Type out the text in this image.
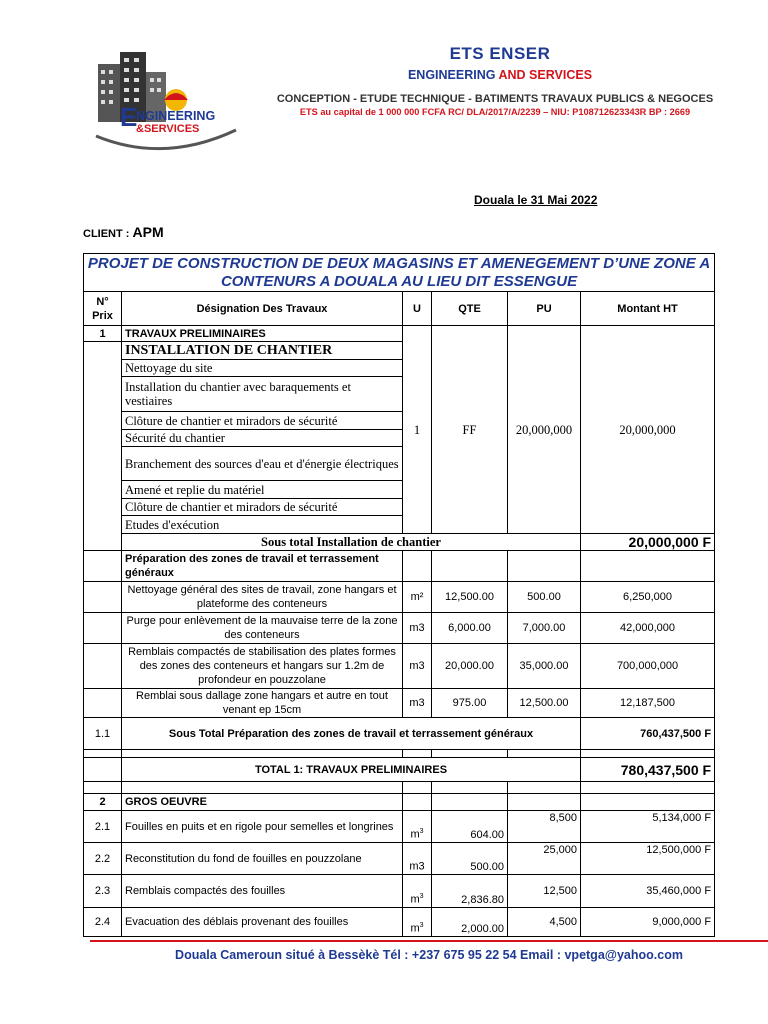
E
NGINEERING
&SERVICES
ETS ENSER
ENGINEERING AND SERVICES
CONCEPTION - ETUDE TECHNIQUE - BATIMENTS TRAVAUX PUBLICS & NEGOCES
ETS au capital de 1 000 000 FCFA RC/ DLA/2017/A/2239 – NIU: P108712623343R BP : 2669
Douala le 31 Mai 2022
CLIENT : APM
PROJET DE CONSTRUCTION DE DEUX MAGASINS ET AMENEGEMENT D’UNE ZONE A CONTENURS A DOUALA AU LIEU DIT ESSENGUE					
N° Prix	Désignation Des Travaux	U	QTE	PU	Montant HT
1	TRAVAUX PRELIMINAIRES	1	FF	20,000,000	20,000,000
	INSTALLATION DE CHANTIER				
	Nettoyage du site				
	Installation du chantier avec baraquements et vestiaires				
	Clôture de chantier et miradors de sécurité				
	Sécurité du chantier				
	Branchement des sources d'eau et d'énergie électriques				
	Amené et replie du matériel				
	Clôture de chantier et miradors de sécurité				
	Etudes d'exécution				
	Sous total Installation de chantier				20,000,000 F
	Préparation des zones de travail et terrassement généraux				
	Nettoyage général des sites de travail, zone hangars et plateforme des conteneurs	m²	12,500.00	500.00	6,250,000
	Purge pour enlèvement de la mauvaise terre de la zone des conteneurs	m3	6,000.00	7,000.00	42,000,000
	Remblais compactés de stabilisation des plates formes des zones des conteneurs et hangars sur 1.2m de profondeur en pouzzolane	m3	20,000.00	35,000.00	700,000,000
	Remblai sous dallage zone hangars et autre en tout venant ep 15cm	m3	975.00	12,500.00	12,187,500
1.1	Sous Total Préparation des zones de travail et terrassement généraux				760,437,500 F

	TOTAL 1: TRAVAUX PRELIMINAIRES				780,437,500 F

2	GROS OEUVRE				
2.1	Fouilles en puits et en rigole pour semelles et longrines	$m^3$	604.00	8,500	5,134,000 F
2.2	Reconstitution du fond de fouilles en pouzzolane	m3	500.00	25,000	12,500,000 F
2.3	Remblais compactés des fouilles	$m^3$	2,836.80	12,500	35,460,000 F
2.4	Evacuation des déblais provenant des fouilles	$m^3$	2,000.00	4,500	9,000,000 F
Douala Cameroun situé à Bessèkè Tél : +237 675 95 22 54 Email : vpetga@yahoo.com
